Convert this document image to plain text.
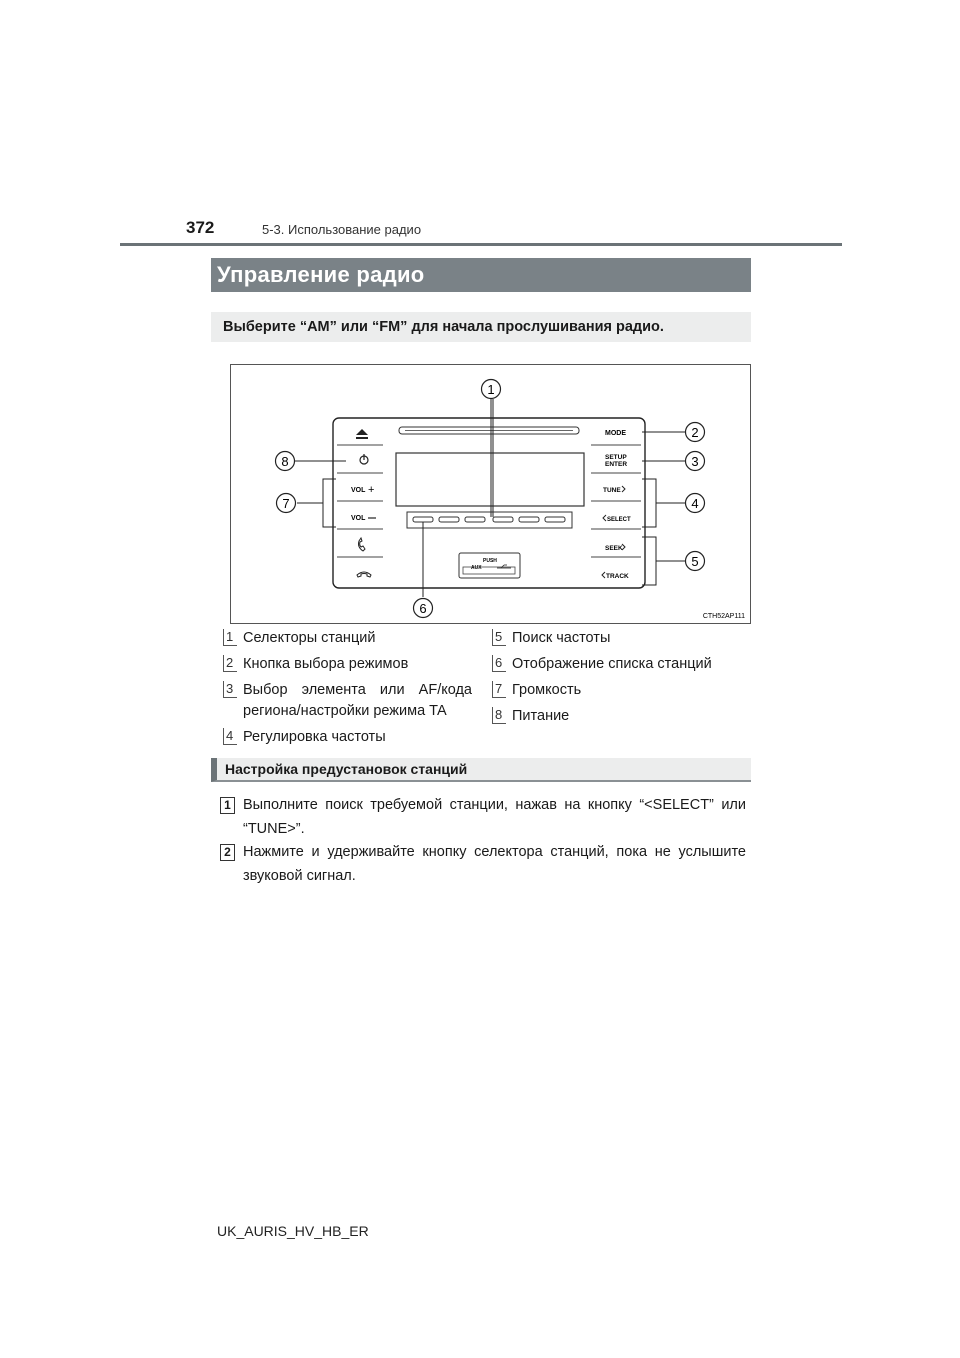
372	5-3. Использование радио
Управление радио
Выберите “AM” или “FM” для начала прослушивания радио.
VOL +
VOL
PUSH
AUX
MODE
SETUP
ENTER
TUNE
SELECT
SEEK
TRACK
1
2
3
4
5
6
7
8
CTH52AP111
1 Селекторы станций
2 Кнопка выбора режимов
3 Выбор элемента или AF/кода региона/настройки режима TA
4 Регулировка частоты
5 Поиск частоты
6 Отображение списка станций
7 Громкость
8 Питание
Настройка предустановок станций
1 Выполните поиск требуемой станции, нажав на кнопку “<SELECT” или “TUNE>”.
2 Нажмите и удерживайте кнопку селектора станций, пока не услышите звуковой сигнал.
UK_AURIS_HV_HB_ER
